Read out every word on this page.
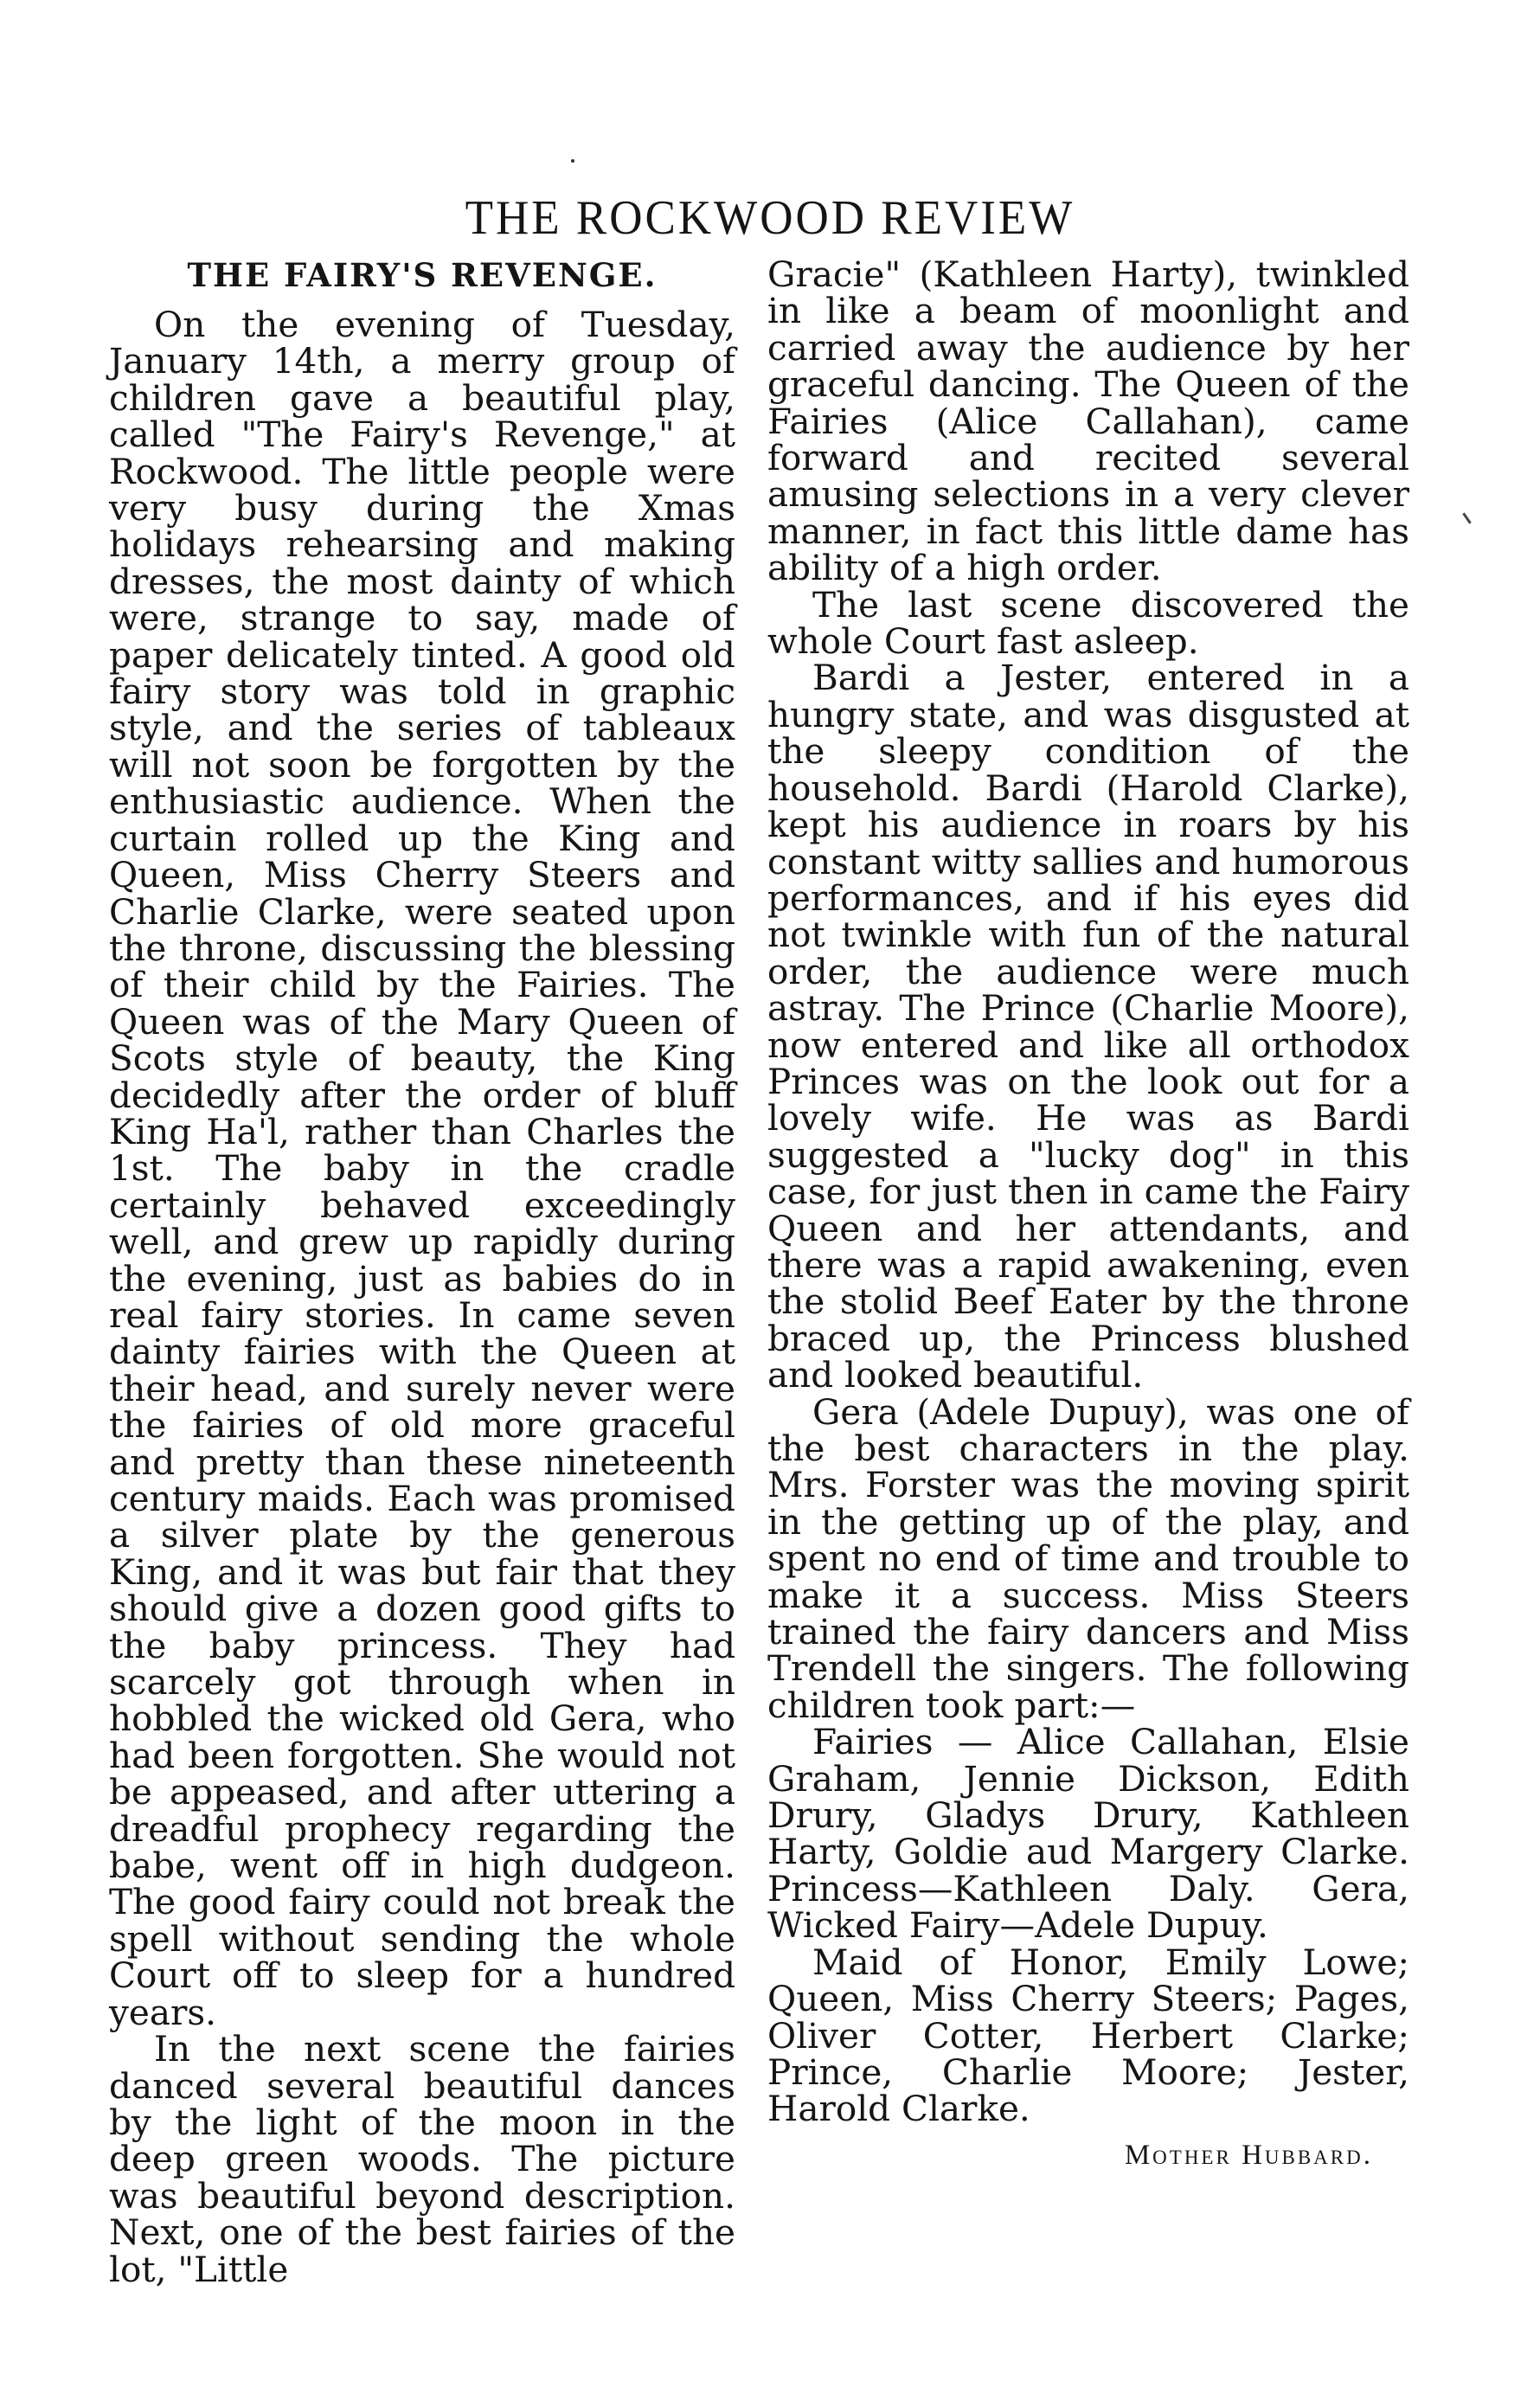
THE ROCKWOOD REVIEW
THE FAIRY'S REVENGE.

On the evening of Tuesday, January 14th, a merry group of children gave a beautiful play, called "The Fairy's Revenge," at Rockwood. The little people were very busy during the Xmas holidays rehearsing and making dresses, the most dainty of which were, strange to say, made of paper delicately tinted. A good old fairy story was told in graphic style, and the series of tableaux will not soon be forgotten by the enthusiastic audience. When the curtain rolled up the King and Queen, Miss Cherry Steers and Charlie Clarke, were seated upon the throne, discussing the blessing of their child by the Fairies. The Queen was of the Mary Queen of Scots style of beauty, the King decidedly after the order of bluff King Ha'l, rather than Charles the 1st. The baby in the cradle certainly behaved exceedingly well, and grew up rapidly during the evening, just as babies do in real fairy stories. In came seven dainty fairies with the Queen at their head, and surely never were the fairies of old more graceful and pretty than these nineteenth century maids. Each was promised a silver plate by the generous King, and it was but fair that they should give a dozen good gifts to the baby princess. They had scarcely got through when in hobbled the wicked old Gera, who had been forgotten. She would not be appeased, and after uttering a dreadful prophecy regarding the babe, went off in high dudgeon. The good fairy could not break the spell without sending the whole Court off to sleep for a hundred years.

In the next scene the fairies danced several beautiful dances by the light of the moon in the deep green woods. The picture was beautiful beyond description. Next, one of the best fairies of the lot, "Little

Gracie" (Kathleen Harty), twinkled in like a beam of moonlight and carried away the audience by her graceful dancing. The Queen of the Fairies (Alice Callahan), came forward and recited several amusing selections in a very clever manner, in fact this little dame has ability of a high order.

The last scene discovered the whole Court fast asleep.

Bardi a Jester, entered in a hungry state, and was disgusted at the sleepy condition of the household. Bardi (Harold Clarke), kept his audience in roars by his constant witty sallies and humorous performances, and if his eyes did not twinkle with fun of the natural order, the audience were much astray. The Prince (Charlie Moore), now entered and like all orthodox Princes was on the look out for a lovely wife. He was as Bardi suggested a "lucky dog" in this case, for just then in came the Fairy Queen and her attendants, and there was a rapid awakening, even the stolid Beef Eater by the throne braced up, the Princess blushed and looked beautiful.

Gera (Adele Dupuy), was one of the best characters in the play. Mrs. Forster was the moving spirit in the getting up of the play, and spent no end of time and trouble to make it a success. Miss Steers trained the fairy dancers and Miss Trendell the singers. The following children took part:—

Fairies — Alice Callahan, Elsie Graham, Jennie Dickson, Edith Drury, Gladys Drury, Kathleen Harty, Goldie aud Margery Clarke. Princess—Kathleen Daly. Gera, Wicked Fairy—Adele Dupuy.

Maid of Honor, Emily Lowe; Queen, Miss Cherry Steers; Pages, Oliver Cotter, Herbert Clarke; Prince, Charlie Moore; Jester, Harold Clarke.

Mother Hubbard.
